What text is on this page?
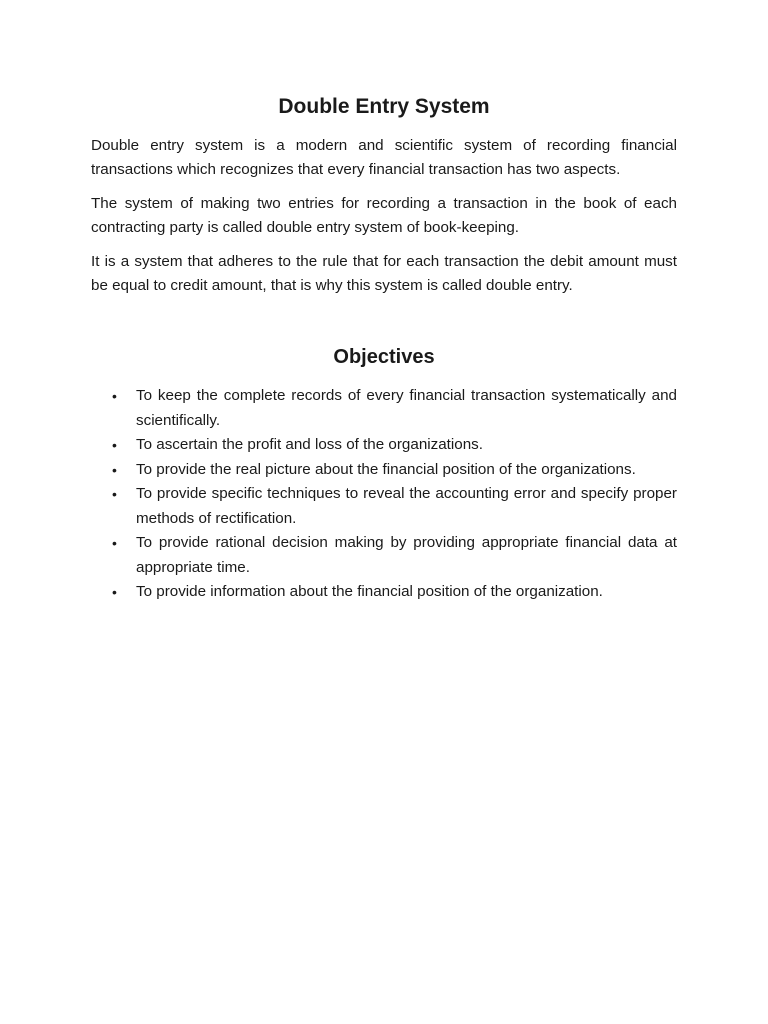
Double Entry System

Double entry system is a modern and scientific system of recording financial transactions which recognizes that every financial transaction has two aspects.

The system of making two entries for recording a transaction in the book of each contracting party is called double entry system of book-keeping.

It is a system that adheres to the rule that for each transaction the debit amount must be equal to credit amount, that is why this system is called double entry.

Objectives
• To keep the complete records of every financial transaction systematically and scientifically.
• To ascertain the profit and loss of the organizations.
• To provide the real picture about the financial position of the organizations.
• To provide specific techniques to reveal the accounting error and specify proper methods of rectification.
• To provide rational decision making by providing appropriate financial data at appropriate time.
• To provide information about the financial position of the organization.
